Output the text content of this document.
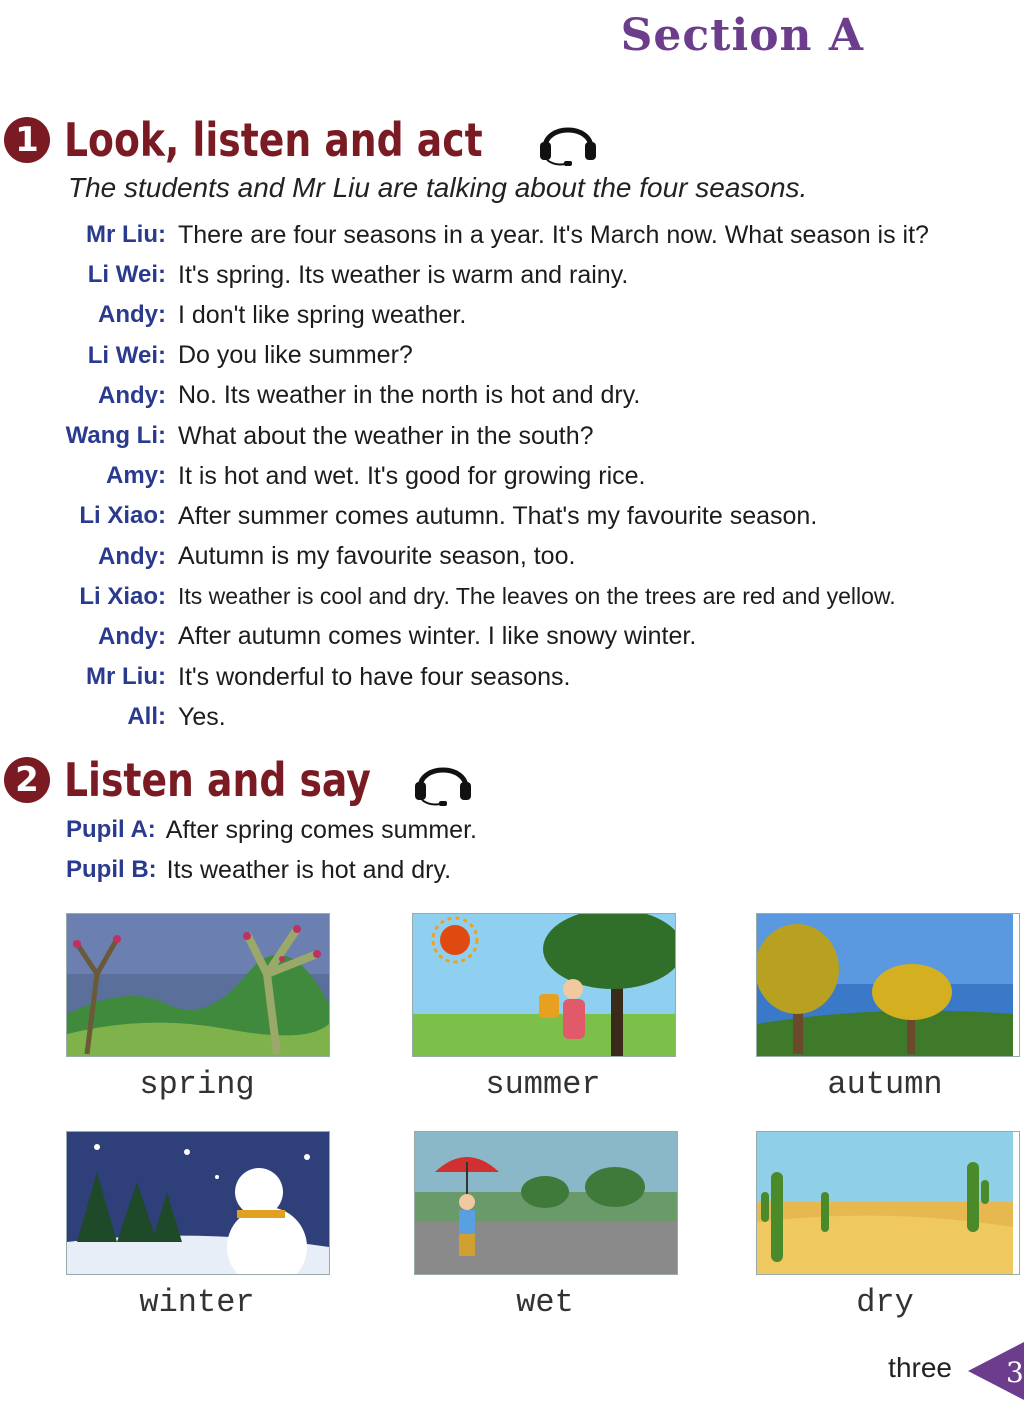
Section A
1 Look, listen and act
The students and Mr Liu are talking about the four seasons.
Mr Liu: There are four seasons in a year. It's March now. What season is it?
Li Wei: It's spring. Its weather is warm and rainy.
Andy: I don't like spring weather.
Li Wei: Do you like summer?
Andy: No. Its weather in the north is hot and dry.
Wang Li: What about the weather in the south?
Amy: It is hot and wet. It's good for growing rice.
Li Xiao: After summer comes autumn. That's my favourite season.
Andy: Autumn is my favourite season, too.
Li Xiao: Its weather is cool and dry. The leaves on the trees are red and yellow.
Andy: After autumn comes winter. I like snowy winter.
Mr Liu: It's wonderful to have four seasons.
All: Yes.
2 Listen and say
Pupil A: After spring comes summer.
Pupil B: Its weather is hot and dry.
spring	summer	autumn
winter	wet	dry
three 3
